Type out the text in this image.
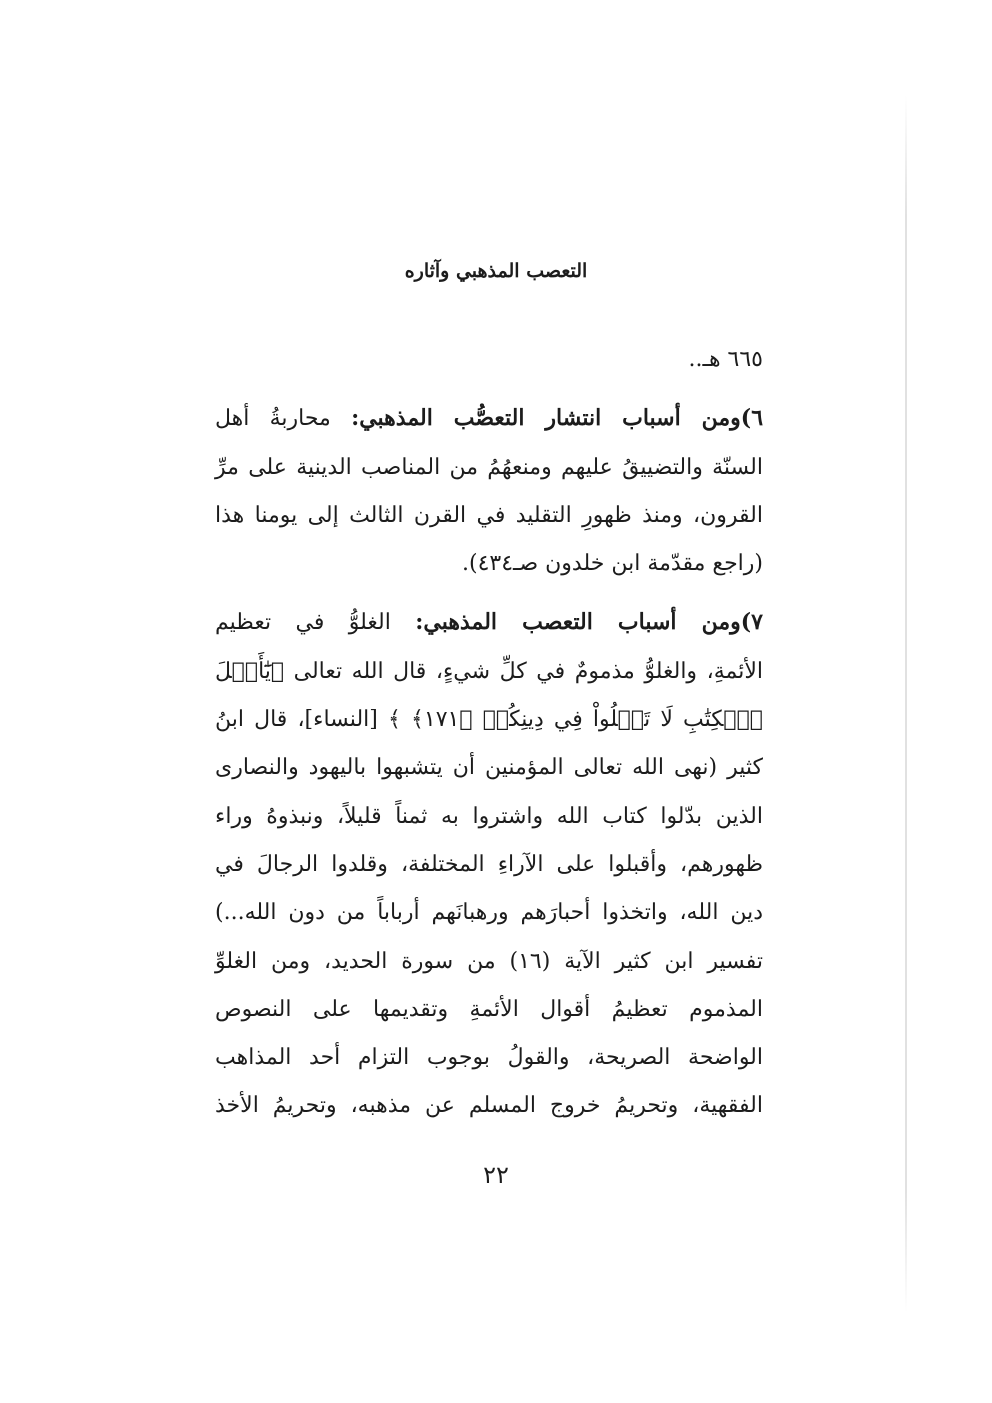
التعصب المذهبي وآثاره
٦٦٥ هـ..
٦)ومن أسباب انتشار التعصُّب المذهبي: محاربةُ أهل
السنّة والتضييقُ عليهم ومنعهُمُ من المناصب الدينية على مرِّ
القرون، ومنذ ظهورِ التقليد في القرن الثالث إلى يومنا هذا
(راجع مقدّمة ابن خلدون صـ٤٣٤).
٧)ومن أسباب التعصب المذهبي: الغلوُّ في تعظيم
الأئمةِ، والغلوُّ مذمومٌ في كلِّ شيءٍ، قال الله تعالى ﴿يَٰٓأَهۡلَ
ٱلۡكِتَٰبِ لَا تَغۡلُواْ فِي دِينِكُمۡ ﴿١٧١﴾ ﴾ [النساء]، قال ابنُ
كثير (نهى الله تعالى المؤمنين أن يتشبهوا باليهود والنصارى
الذين بدّلوا كتاب الله واشتروا به ثمناً قليلاً، ونبذوهُ وراء
ظهورهم، وأقبلوا على الآراءِ المختلفة، وقلدوا الرجالَ في
دين الله، واتخذوا أحبارَهم ورهبانَهم أرباباً من دون الله...)
تفسير ابن كثير الآية (١٦) من سورة الحديد، ومن الغلوِّ
المذموم تعظيمُ أقوال الأئمةِ وتقديمها على النصوص
الواضحة الصريحة، والقولُ بوجوب التزام أحد المذاهب
الفقهية، وتحريمُ خروج المسلم عن مذهبه، وتحريمُ الأخذ
٢٢
